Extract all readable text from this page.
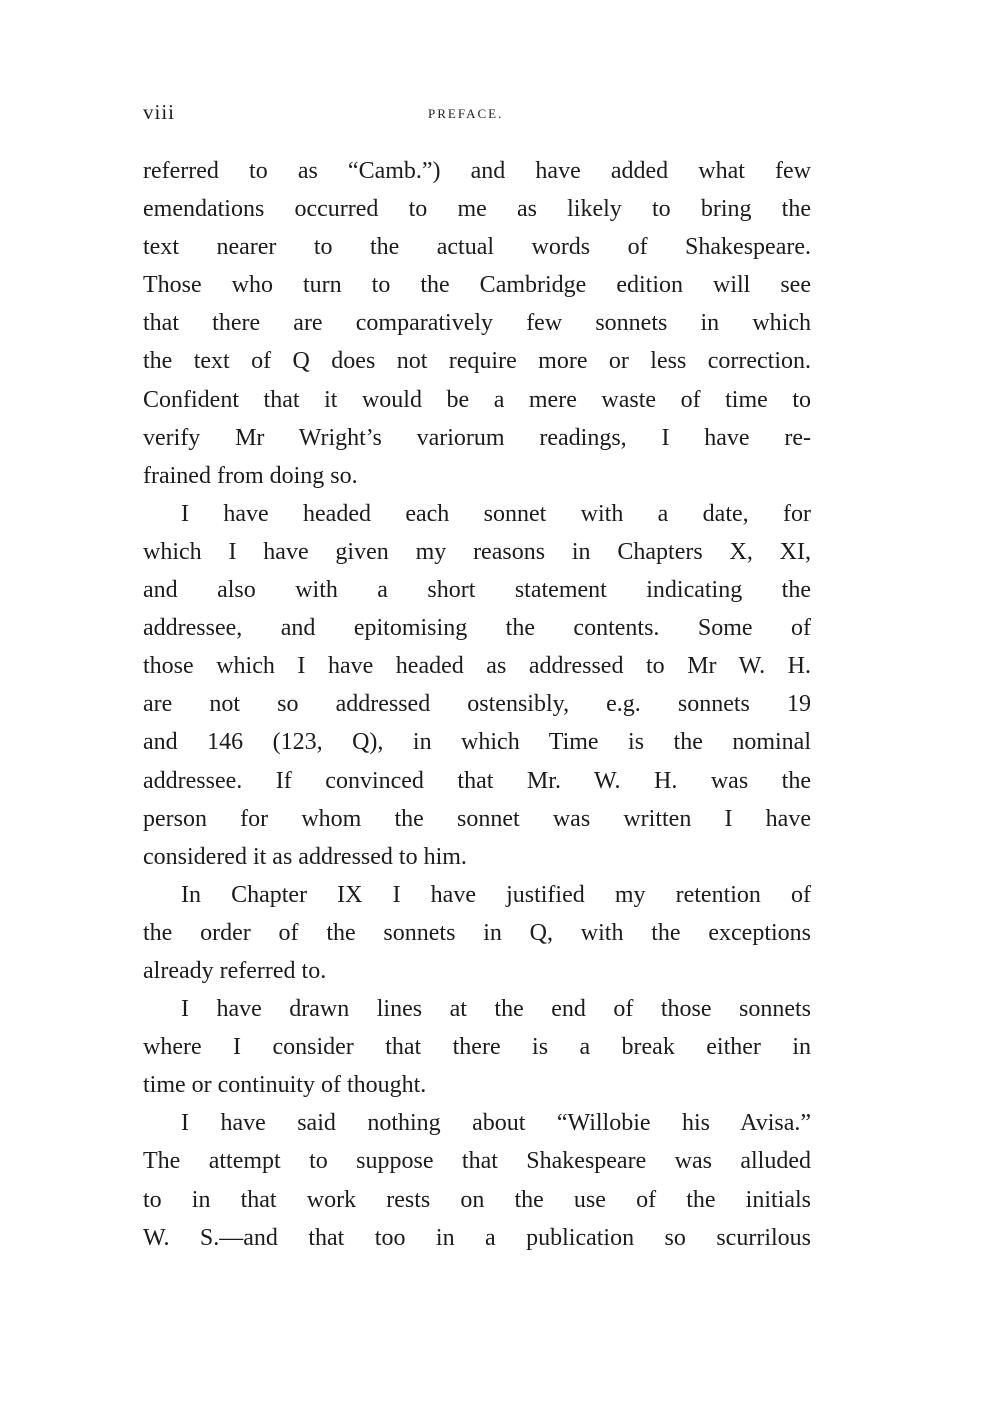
viii	PREFACE.
referred to as “Camb.”) and have added what few
emendations occurred to me as likely to bring the
text nearer to the actual words of Shakespeare.
Those who turn to the Cambridge edition will see
that there are comparatively few sonnets in which
the text of Q does not require more or less correction.
Confident that it would be a mere waste of time to
verify Mr Wright’s variorum readings, I have re-
frained from doing so.
I have headed each sonnet with a date, for
which I have given my reasons in Chapters X, XI,
and also with a short statement indicating the
addressee, and epitomising the contents. Some of
those which I have headed as addressed to Mr W. H.
are not so addressed ostensibly, e.g. sonnets 19
and 146 (123, Q), in which Time is the nominal
addressee. If convinced that Mr. W. H. was the
person for whom the sonnet was written I have
considered it as addressed to him.
In Chapter IX I have justified my retention of
the order of the sonnets in Q, with the exceptions
already referred to.
I have drawn lines at the end of those sonnets
where I consider that there is a break either in
time or continuity of thought.
I have said nothing about “Willobie his Avisa.”
The attempt to suppose that Shakespeare was alluded
to in that work rests on the use of the initials
W. S.—and that too in a publication so scurrilous
